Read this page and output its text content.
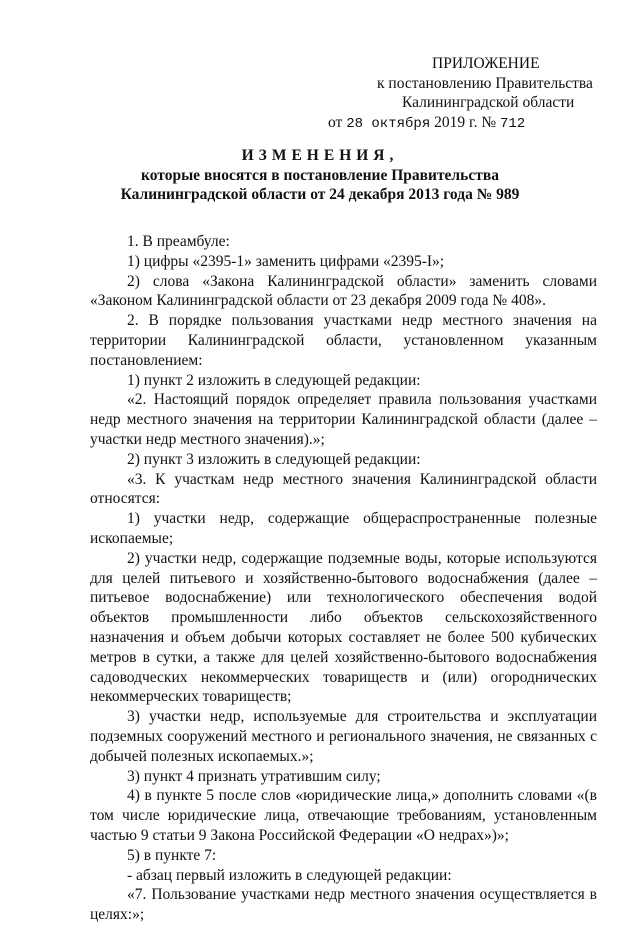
ПРИЛОЖЕНИЕ
к постановлению Правительства
Калининградской области
от 28 октября 2019 г. № 712
ИЗМЕНЕНИЯ,
которые вносятся в постановление Правительства
Калининградской области от 24 декабря 2013 года № 989

1. В преамбуле:

1) цифры «2395-1» заменить цифрами «2395-I»;

2) слова «Закона Калининградской области» заменить словами «Законом Калининградской области от 23 декабря 2009 года № 408».

2. В порядке пользования участками недр местного значения на территории Калининградской области, установленном указанным постановлением:

1) пункт 2 изложить в следующей редакции:

«2. Настоящий порядок определяет правила пользования участками недр местного значения на территории Калининградской области (далее – участки недр местного значения).»;

2) пункт 3 изложить в следующей редакции:

«3. К участкам недр местного значения Калининградской области относятся:

1) участки недр, содержащие общераспространенные полезные ископаемые;

2) участки недр, содержащие подземные воды, которые используются для целей питьевого и хозяйственно-бытового водоснабжения (далее – питьевое водоснабжение) или технологического обеспечения водой объектов промышленности либо объектов сельскохозяйственного назначения и объем добычи которых составляет не более 500 кубических метров в сутки, а также для целей хозяйственно-бытового водоснабжения садоводческих некоммерческих товариществ и (или) огороднических некоммерческих товариществ;

3) участки недр, используемые для строительства и эксплуатации подземных сооружений местного и регионального значения, не связанных с добычей полезных ископаемых.»;

3) пункт 4 признать утратившим силу;

4) в пункте 5 после слов «юридические лица,» дополнить словами «(в том числе юридические лица, отвечающие требованиям, установленным частью 9 статьи 9 Закона Российской Федерации «О недрах»)»;

5) в пункте 7:

- абзац первый изложить в следующей редакции:

«7. Пользование участками недр местного значения осуществляется в целях:»;
